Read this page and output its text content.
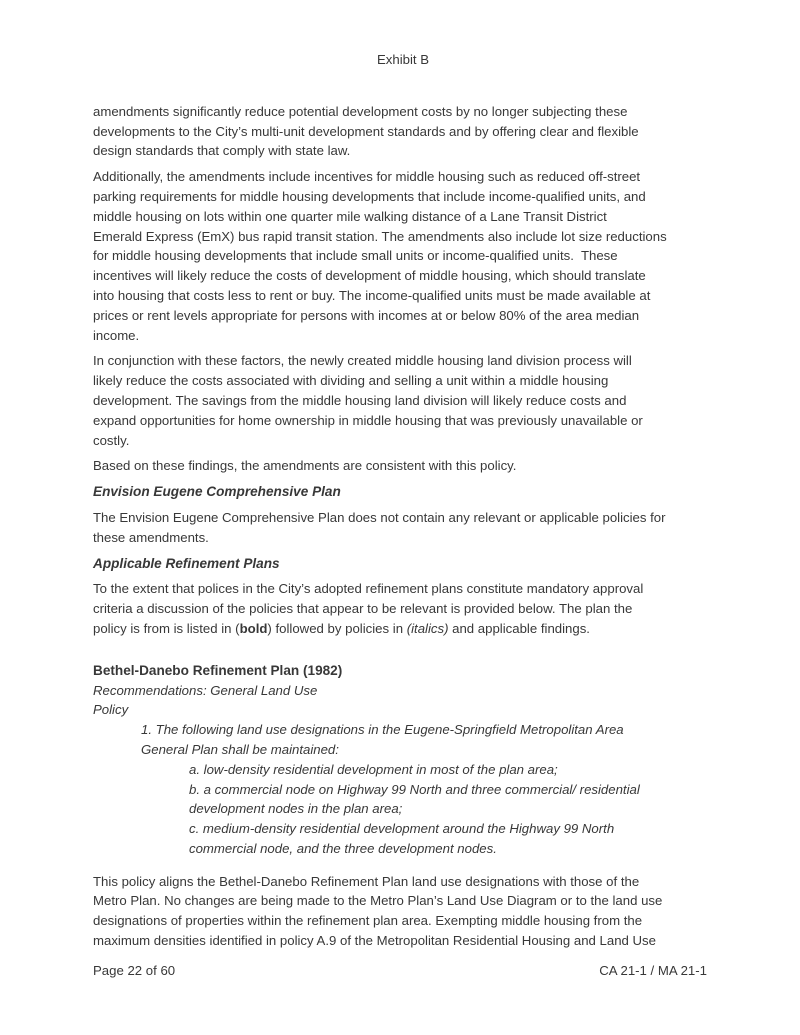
Exhibit B
amendments significantly reduce potential development costs by no longer subjecting these
developments to the City’s multi-unit development standards and by offering clear and flexible
design standards that comply with state law.
Additionally, the amendments include incentives for middle housing such as reduced off-street
parking requirements for middle housing developments that include income-qualified units, and
middle housing on lots within one quarter mile walking distance of a Lane Transit District
Emerald Express (EmX) bus rapid transit station. The amendments also include lot size reductions
for middle housing developments that include small units or income-qualified units.  These
incentives will likely reduce the costs of development of middle housing, which should translate
into housing that costs less to rent or buy. The income-qualified units must be made available at
prices or rent levels appropriate for persons with incomes at or below 80% of the area median
income.
In conjunction with these factors, the newly created middle housing land division process will
likely reduce the costs associated with dividing and selling a unit within a middle housing
development. The savings from the middle housing land division will likely reduce costs and
expand opportunities for home ownership in middle housing that was previously unavailable or
costly.
Based on these findings, the amendments are consistent with this policy.
Envision Eugene Comprehensive Plan
The Envision Eugene Comprehensive Plan does not contain any relevant or applicable policies for
these amendments.
Applicable Refinement Plans
To the extent that polices in the City’s adopted refinement plans constitute mandatory approval
criteria a discussion of the policies that appear to be relevant is provided below. The plan the
policy is from is listed in (bold) followed by policies in (italics) and applicable findings.
Bethel-Danebo Refinement Plan (1982)
Recommendations: General Land Use
Policy
1. The following land use designations in the Eugene-Springfield Metropolitan Area
General Plan shall be maintained:
a. low-density residential development in most of the plan area;
b. a commercial node on Highway 99 North and three commercial/ residential
development nodes in the plan area;
c. medium-density residential development around the Highway 99 North
commercial node, and the three development nodes.
This policy aligns the Bethel-Danebo Refinement Plan land use designations with those of the
Metro Plan. No changes are being made to the Metro Plan’s Land Use Diagram or to the land use
designations of properties within the refinement plan area. Exempting middle housing from the
maximum densities identified in policy A.9 of the Metropolitan Residential Housing and Land Use
Page 22 of 60	CA 21-1 / MA 21-1
